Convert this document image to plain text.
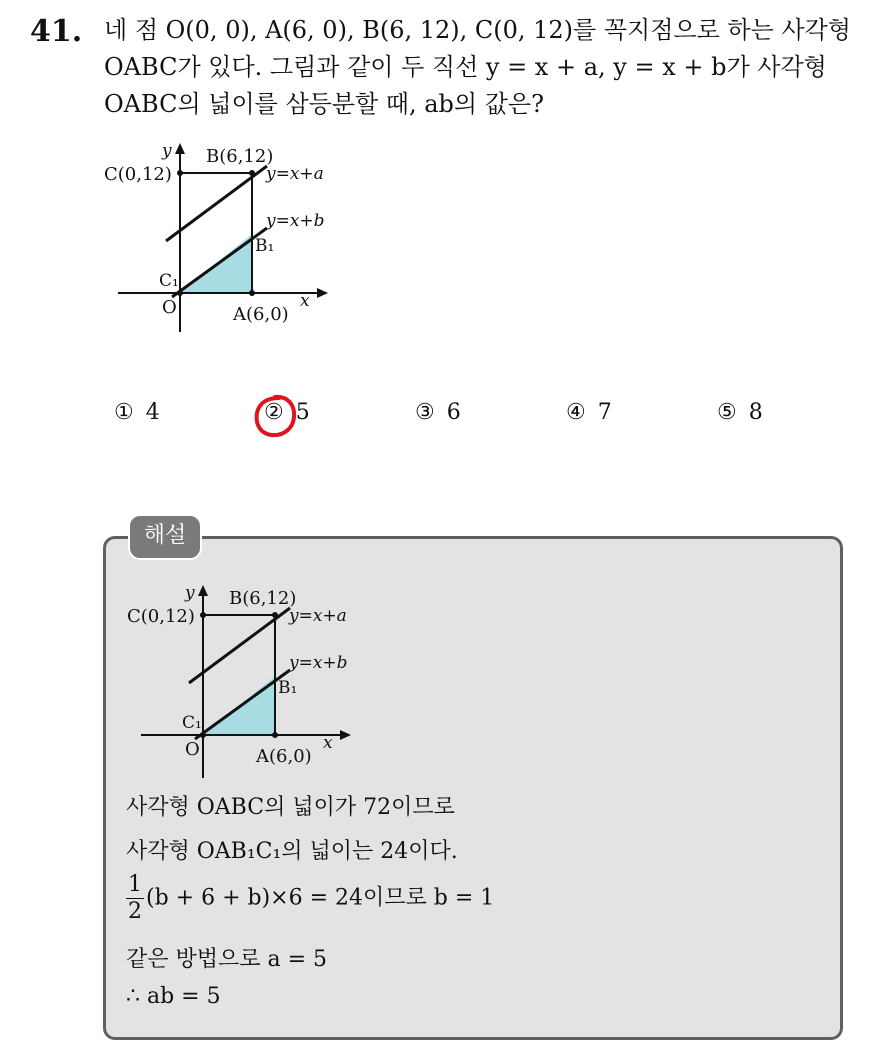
41. 네 점 O(0, 0), A(6, 0), B(6, 12), C(0, 12)를 꼭지점으로 하는 사각형
OABC가 있다. 그림과 같이 두 직선 y = x + a, y = x + b가 사각형
OABC의 넓이를 삼등분할 때, ab의 값은?
y B(6,12)
C(0,12)	y=x+a
y=x+b
B₁
C₁
O	A(6,0)
x
① 4	② 5	③ 6	④ 7	⑤ 8
해설
y B(6,12)
C(0,12)	y=x+a
y=x+b
B₁
C₁
O	A(6,0)
x
사각형 OABC의 넓이가 72이므로
사각형 OAB₁C₁의 넓이는 24이다.
$\frac{1}{2} (b + 6 + b)\times 6 = 24$이므로 b = 1
같은 방법으로 a = 5
∴ ab = 5
